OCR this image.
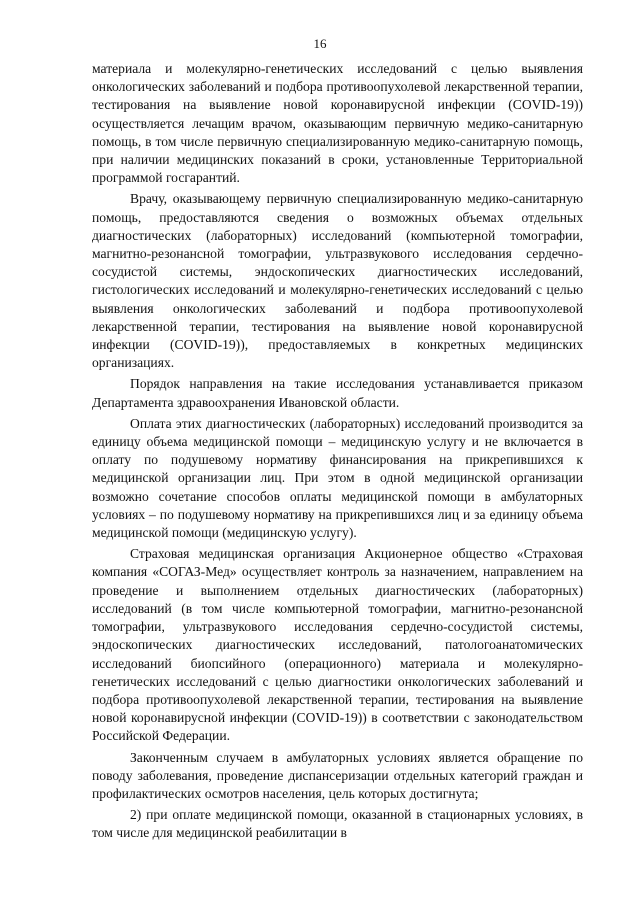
16

материала и молекулярно-генетических исследований с целью выявления онкологических заболеваний и подбора противоопухолевой лекарственной терапии, тестирования на выявление новой коронавирусной инфекции (COVID-19)) осуществляется лечащим врачом, оказывающим первичную медико-санитарную помощь, в том числе первичную специализированную медико-санитарную помощь, при наличии медицинских показаний в сроки, установленные Территориальной программой госгарантий.

Врачу, оказывающему первичную специализированную медико-санитарную помощь, предоставляются сведения о возможных объемах отдельных диагностических (лабораторных) исследований (компьютерной томографии, магнитно-резонансной томографии, ультразвукового исследования сердечно-сосудистой системы, эндоскопических диагностических исследований, гистологических исследований и молекулярно-генетических исследований с целью выявления онкологических заболеваний и подбора противоопухолевой лекарственной терапии, тестирования на выявление новой коронавирусной инфекции (COVID-19)), предоставляемых в конкретных медицинских организациях.

Порядок направления на такие исследования устанавливается приказом Департамента здравоохранения Ивановской области.

Оплата этих диагностических (лабораторных) исследований производится за единицу объема медицинской помощи – медицинскую услугу и не включается в оплату по подушевому нормативу финансирования на прикрепившихся к медицинской организации лиц. При этом в одной медицинской организации возможно сочетание способов оплаты медицинской помощи в амбулаторных условиях – по подушевому нормативу на прикрепившихся лиц и за единицу объема медицинской помощи (медицинскую услугу).

Страховая медицинская организация Акционерное общество «Страховая компания «СОГАЗ-Мед» осуществляет контроль за назначением, направлением на проведение и выполнением отдельных диагностических (лабораторных) исследований (в том числе компьютерной томографии, магнитно-резонансной томографии, ультразвукового исследования сердечно-сосудистой системы, эндоскопических диагностических исследований, патологоанатомических исследований биопсийного (операционного) материала и молекулярно-генетических исследований с целью диагностики онкологических заболеваний и подбора противоопухолевой лекарственной терапии, тестирования на выявление новой коронавирусной инфекции (COVID-19)) в соответствии с законодательством Российской Федерации.

Законченным случаем в амбулаторных условиях является обращение по поводу заболевания, проведение диспансеризации отдельных категорий граждан и профилактических осмотров населения, цель которых достигнута;

2) при оплате медицинской помощи, оказанной в стационарных условиях, в том числе для медицинской реабилитации в
